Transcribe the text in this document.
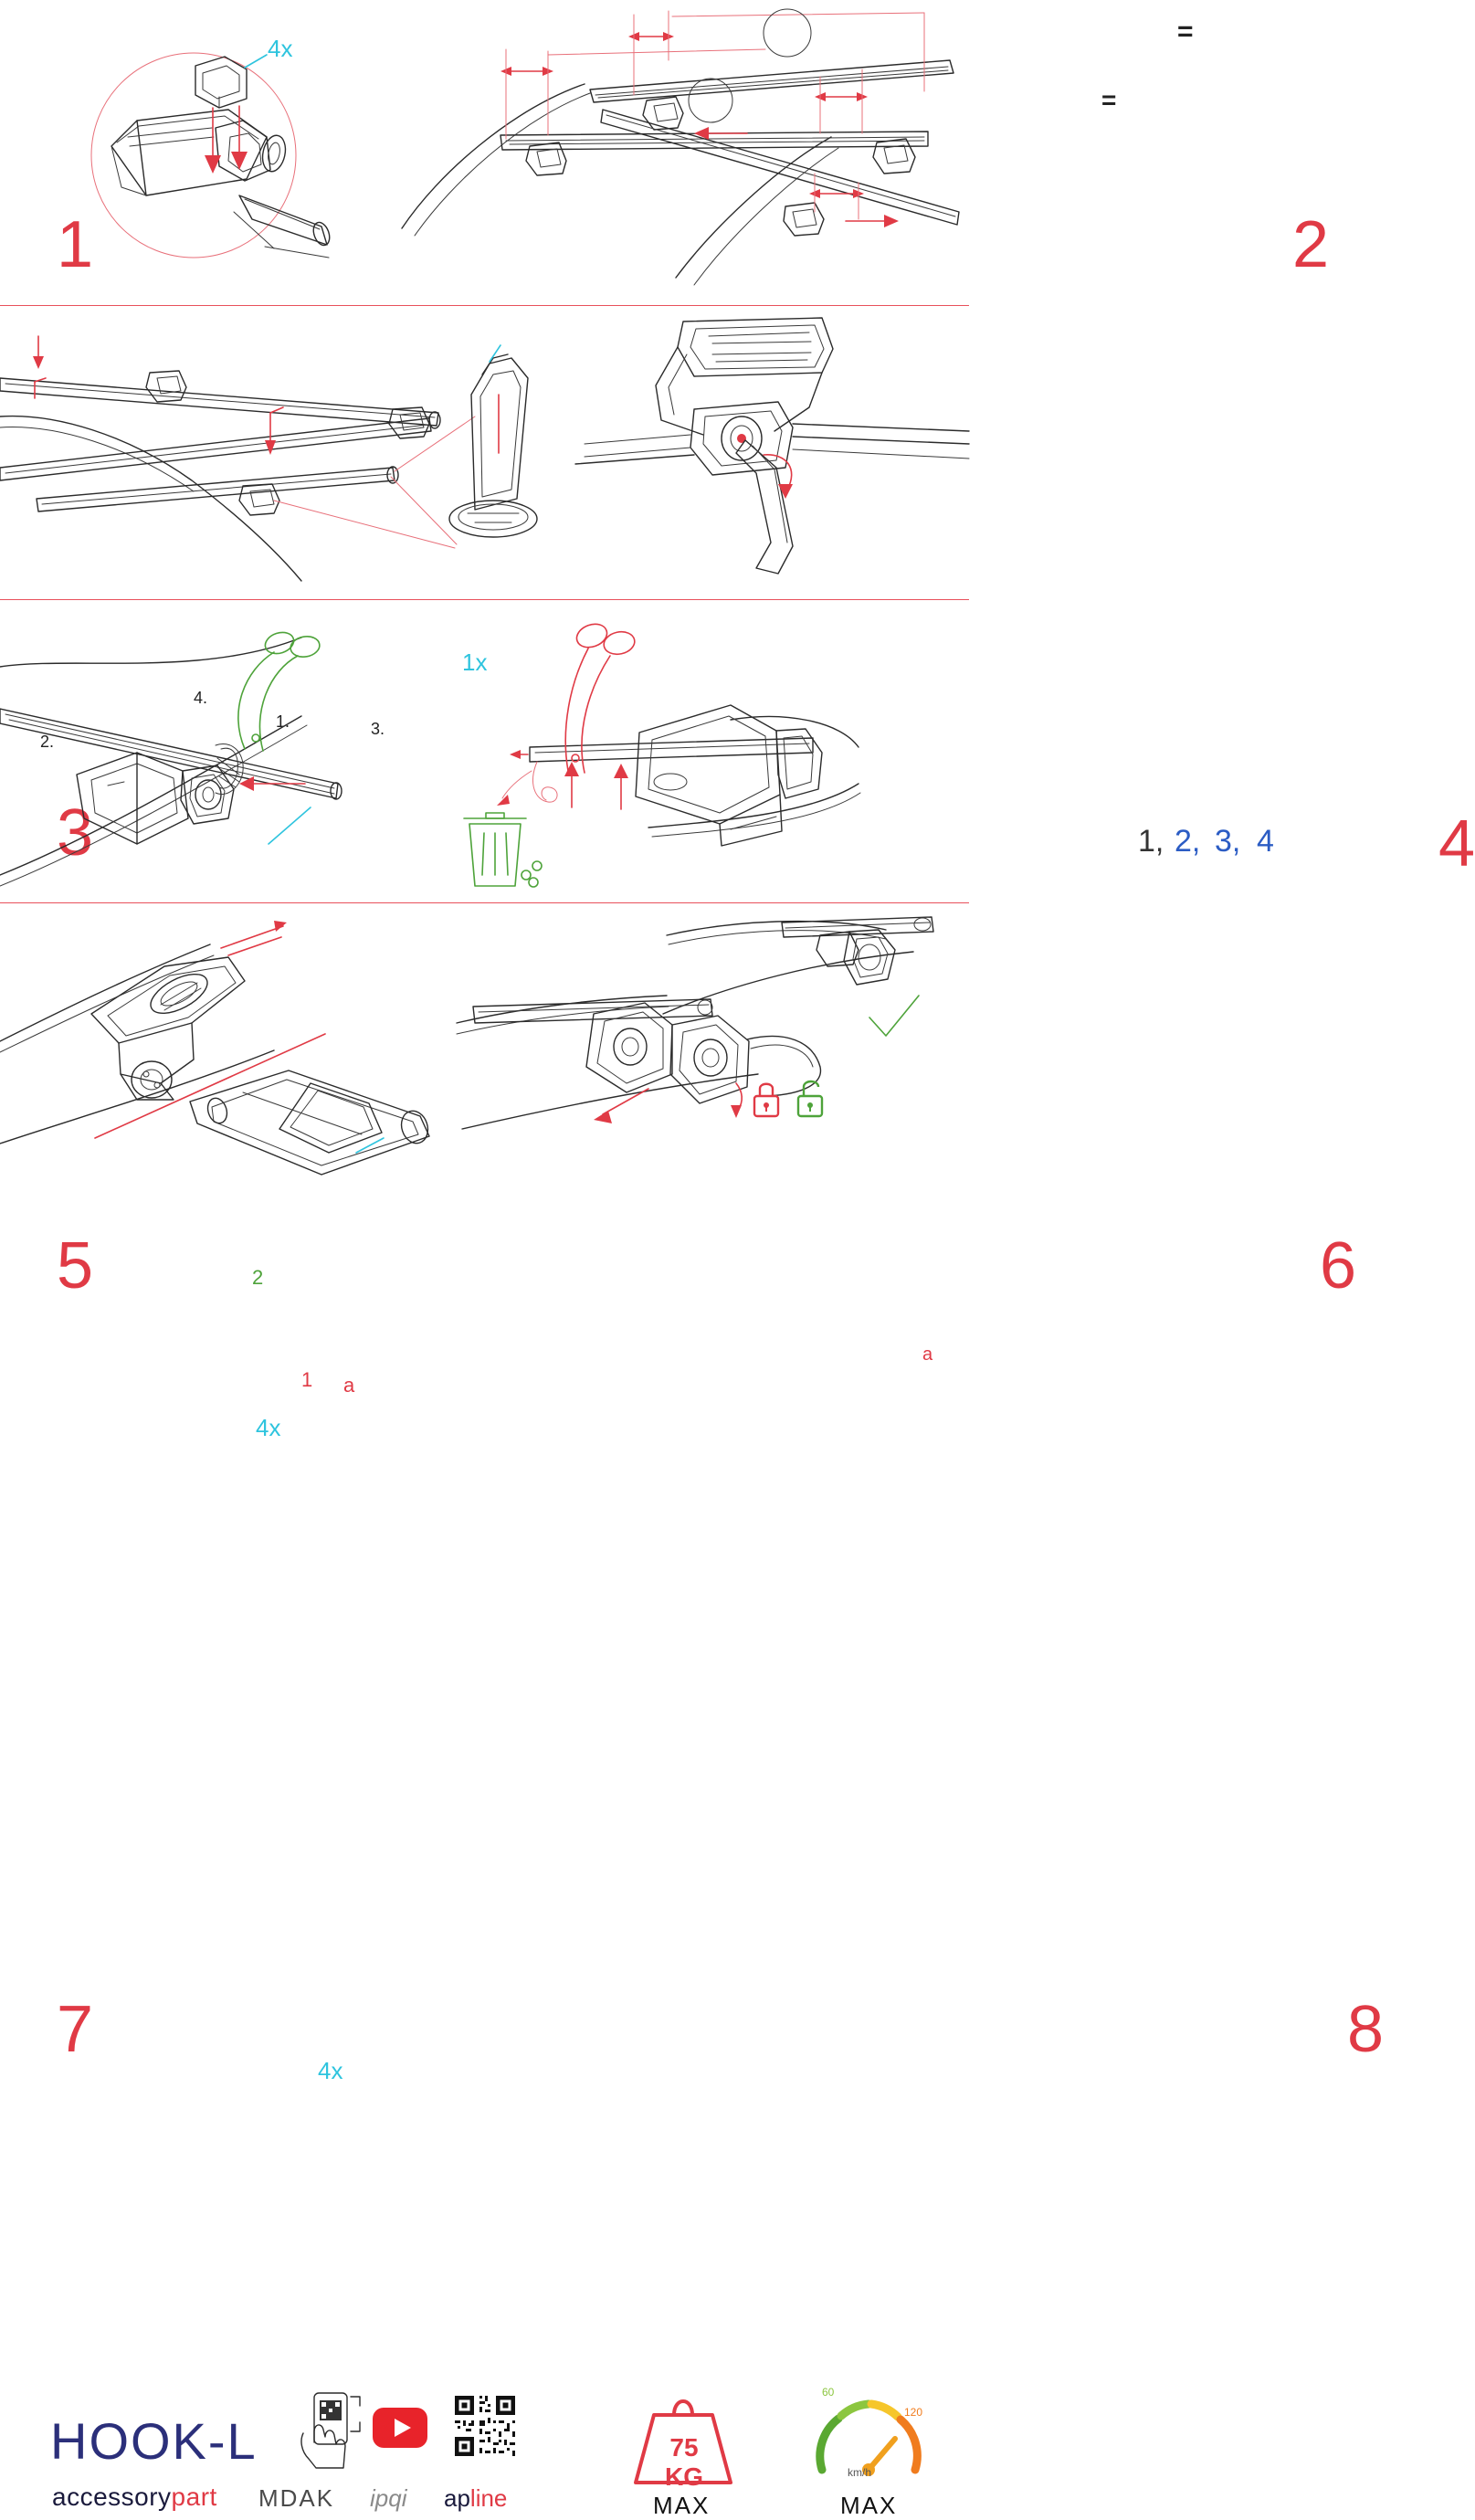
4x
1
=
=
2
2.
1.	3.
4.
1x
3	1, 2, 3, 4	4
2
1 a
4x
5
a
6
4x
7	8
HOOK-L
accessorypart MDAK ipqi apline
75 KG
MAX
60
120
km/h
MAX
